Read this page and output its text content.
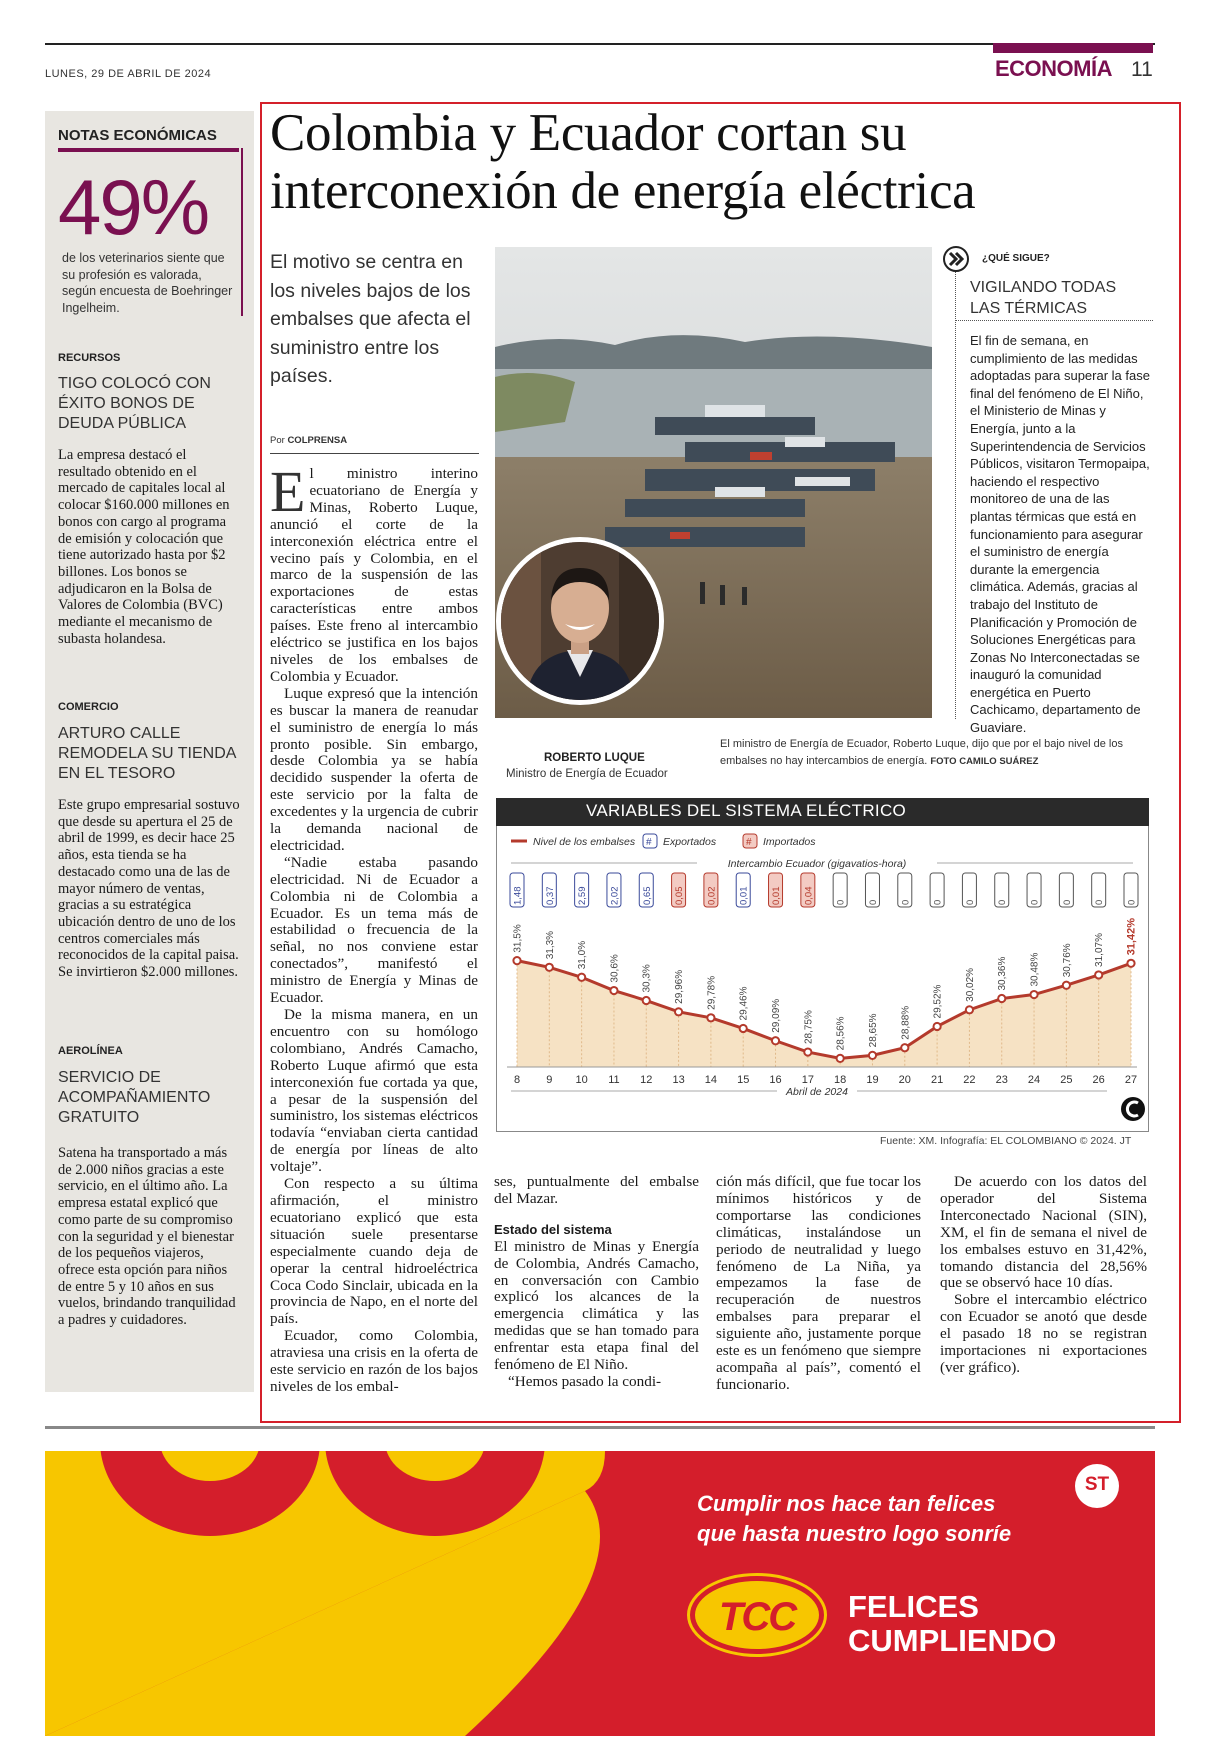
LUNES, 29 DE ABRIL DE 2024	ECONOMÍA 11
NOTAS ECONÓMICAS
49%
de los veterinarios siente que su profesión es valorada, según encuesta de Boehringer Ingelheim.
RECURSOS
TIGO COLOCÓ CON ÉXITO BONOS DE DEUDA PÚBLICA
La empresa destacó el resultado obtenido en el mercado de capitales local al colocar $160.000 millones en bonos con cargo al programa de emisión y colocación que tiene autorizado hasta por $2 billones. Los bonos se adjudicaron en la Bolsa de Valores de Colombia (BVC) mediante el mecanismo de subasta holandesa.
COMERCIO
ARTURO CALLE REMODELA SU TIENDA EN EL TESORO
Este grupo empresarial sostuvo que desde su apertura el 25 de abril de 1999, es decir hace 25 años, esta tienda se ha destacado como una de las de mayor número de ventas, gracias a su estratégica ubicación dentro de uno de los centros comerciales más reconocidos de la capital paisa. Se invirtieron $2.000 millones.
AEROLÍNEA
SERVICIO DE ACOMPAÑAMIENTO GRATUITO
Satena ha transportado a más de 2.000 niños gracias a este servicio, en el último año. La empresa estatal explicó que como parte de su compromiso con la seguridad y el bienestar de los pequeños viajeros, ofrece esta opción para niños de entre 5 y 10 años en sus vuelos, brindando tranquilidad a padres y cuidadores.
Colombia y Ecuador cortan su interconexión de energía eléctrica
El motivo se centra en los niveles bajos de los embalses que afecta el suministro entre los países.
Por COLPRENSA

El ministro interino ecuatoriano de Energía y Minas, Roberto Luque, anunció el corte de la interconexión eléctrica entre el vecino país y Colombia, en el marco de la suspensión de las exportaciones de estas características entre ambos países. Este freno al intercambio eléctrico se justifica en los bajos niveles de los embalses de Colombia y Ecuador.

Luque expresó que la intención es buscar la manera de reanudar el suministro de energía lo más pronto posible. Sin embargo, desde Colombia ya se había decidido suspender la oferta de este servicio por la falta de excedentes y la urgencia de cubrir la demanda nacional de electricidad.

“Nadie estaba pasando electricidad. Ni de Ecuador a Colombia ni de Colombia a Ecuador. Es un tema más de estabilidad o frecuencia de la señal, no nos conviene estar conectados”, manifestó el ministro de Energía y Minas de Ecuador.

De la misma manera, en un encuentro con su homólogo colombiano, Andrés Camacho, Roberto Luque afirmó que esta interconexión fue cortada ya que, a pesar de la suspensión del suministro, los sistemas eléctricos todavía “enviaban cierta cantidad de energía por líneas de alto voltaje”.

Con respecto a su última afirmación, el ministro ecuatoriano explicó que esta situación suele presentarse especialmente cuando deja de operar la central hidroeléctrica Coca Codo Sinclair, ubicada en la provincia de Napo, en el norte del país.

Ecuador, como Colombia, atraviesa una crisis en la oferta de este servicio en razón de los bajos niveles de los embal-

ses, puntualmente del embalse del Mazar.

Estado del sistema

El ministro de Minas y Energía de Colombia, Andrés Camacho, en conversación con Cambio explicó los alcances de la emergencia climática y las medidas que se han tomado para enfrentar esta etapa final del fenómeno de El Niño.

“Hemos pasado la condi-

ción más difícil, que fue tocar los mínimos históricos y de comportarse las condiciones climáticas, instalándose un periodo de neutralidad y luego fenómeno de La Niña, ya empezamos la fase de recuperación de nuestros embalses para preparar el siguiente año, justamente porque este es un fenómeno que siempre acompaña al país”, comentó el funcionario.

De acuerdo con los datos del operador del Sistema Interconectado Nacional (SIN), XM, el fin de semana el nivel de los embalses estuvo en 31,42%, tomando distancia del 28,56% que se observó hace 10 días.

Sobre el intercambio eléctrico con Ecuador se anotó que desde el pasado 18 no se registran importaciones ni exportaciones (ver gráfico).

ROBERTO LUQUE
Ministro de Energía de Ecuador
El ministro de Energía de Ecuador, Roberto Luque, dijo que por el bajo nivel de los embalses no hay intercambios de energía. FOTO CAMILO SUÁREZ
¿QUÉ SIGUE?
VIGILANDO TODAS LAS TÉRMICAS
El fin de semana, en cumplimiento de las medidas adoptadas para superar la fase final del fenómeno de El Niño, el Ministerio de Minas y Energía, junto a la Superintendencia de Servicios Públicos, visitaron Termopaipa, haciendo el respectivo monitoreo de una de las plantas térmicas que está en funcionamiento para asegurar el suministro de energía durante la emergencia climática. Además, gracias al trabajo del Instituto de Planificación y Promoción de Soluciones Energéticas para Zonas No Interconectadas se inauguró la comunidad energética en Puerto Cachicamo, departamento de Guaviare.
Nivel de los embalses # Exportados	# Importados
Intercambio Ecuador (gigavatios-hora)
1,48 0,37 2,59 2,02 0,65 0,05 0,02 0,01 0,01 0,04 0 0 0 0 0 0 0 0 0 0
31,5% 31,3% 31,0% 30,6% 30,3% 29,96% 29,78% 29,46% 29,09% 28,75% 28,56% 28,65% 28,88%
29,52% 30,02% 30,36% 30,48% 30,76% 31,07% 31,42%
8 9 10 11 12 13 14 15 16 17 18 19 20 21 22 23 24 25 26 27
Abril de 2024
VARIABLES DEL SISTEMA ELÉCTRICO
Fuente: XM. Infografía: EL COLOMBIANO © 2024. JT
Cumplir nos hace tan felices
que hasta nuestro logo sonríe
ST
TCC	FELICES
CUMPLIENDO
